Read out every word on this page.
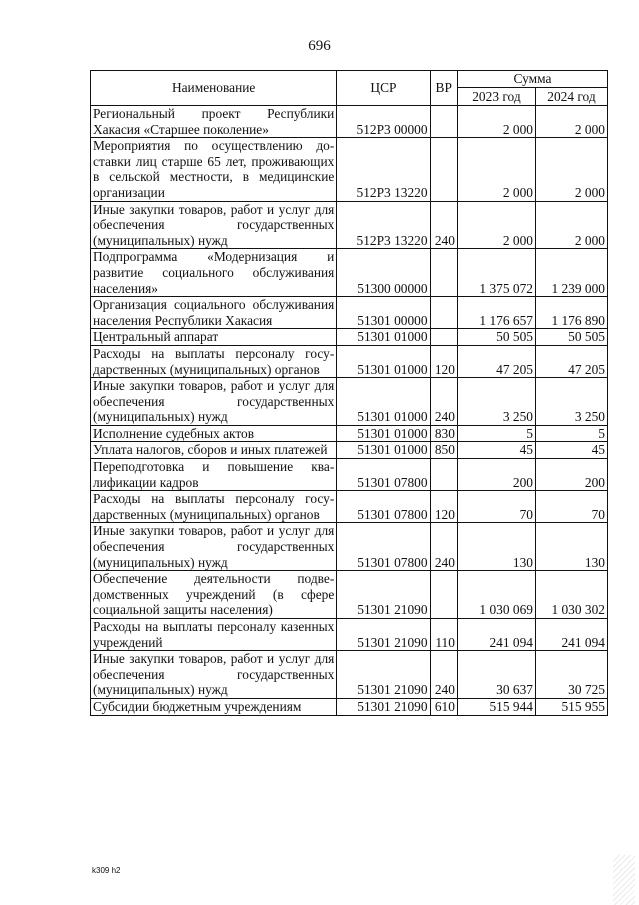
696
Наименование	ЦСР	ВР	Сумма	
			2023 год	2024 год
Региональный проект Республики Хакасия «Старшее поколение»	512P3 00000		2 000	2 000
Мероприятия по осуществлению доставки лиц старше 65 лет, проживающих в сельской местности, в медицинские организации	512P3 13220		2 000	2 000
Иные закупки товаров, работ и услуг для обеспечения государственных (муниципальных) нужд	512P3 13220	240	2 000	2 000
Подпрограмма «Модернизация и развитие социального обслуживания населения»	51300 00000		1 375 072	1 239 000
Организация социального обслуживания населения Республики Хакасия	51301 00000		1 176 657	1 176 890
Центральный аппарат	51301 01000		50 505	50 505
Расходы на выплаты персоналу государственных (муниципальных) органов	51301 01000	120	47 205	47 205
Иные закупки товаров, работ и услуг для обеспечения государственных (муниципальных) нужд	51301 01000	240	3 250	3 250
Исполнение судебных актов	51301 01000	830	5	5
Уплата налогов, сборов и иных платежей	51301 01000	850	45	45
Переподготовка и повышение квалификации кадров	51301 07800		200	200
Расходы на выплаты персоналу государственных (муниципальных) органов	51301 07800	120	70	70
Иные закупки товаров, работ и услуг для обеспечения государственных (муниципальных) нужд	51301 07800	240	130	130
Обеспечение деятельности подведомственных учреждений (в сфере социальной защиты населения)	51301 21090		1 030 069	1 030 302
Расходы на выплаты персоналу казенных учреждений	51301 21090	110	241 094	241 094
Иные закупки товаров, работ и услуг для обеспечения государственных (муниципальных) нужд	51301 21090	240	30 637	30 725
Субсидии бюджетным учреждениям	51301 21090	610	515 944	515 955
k309 h2
